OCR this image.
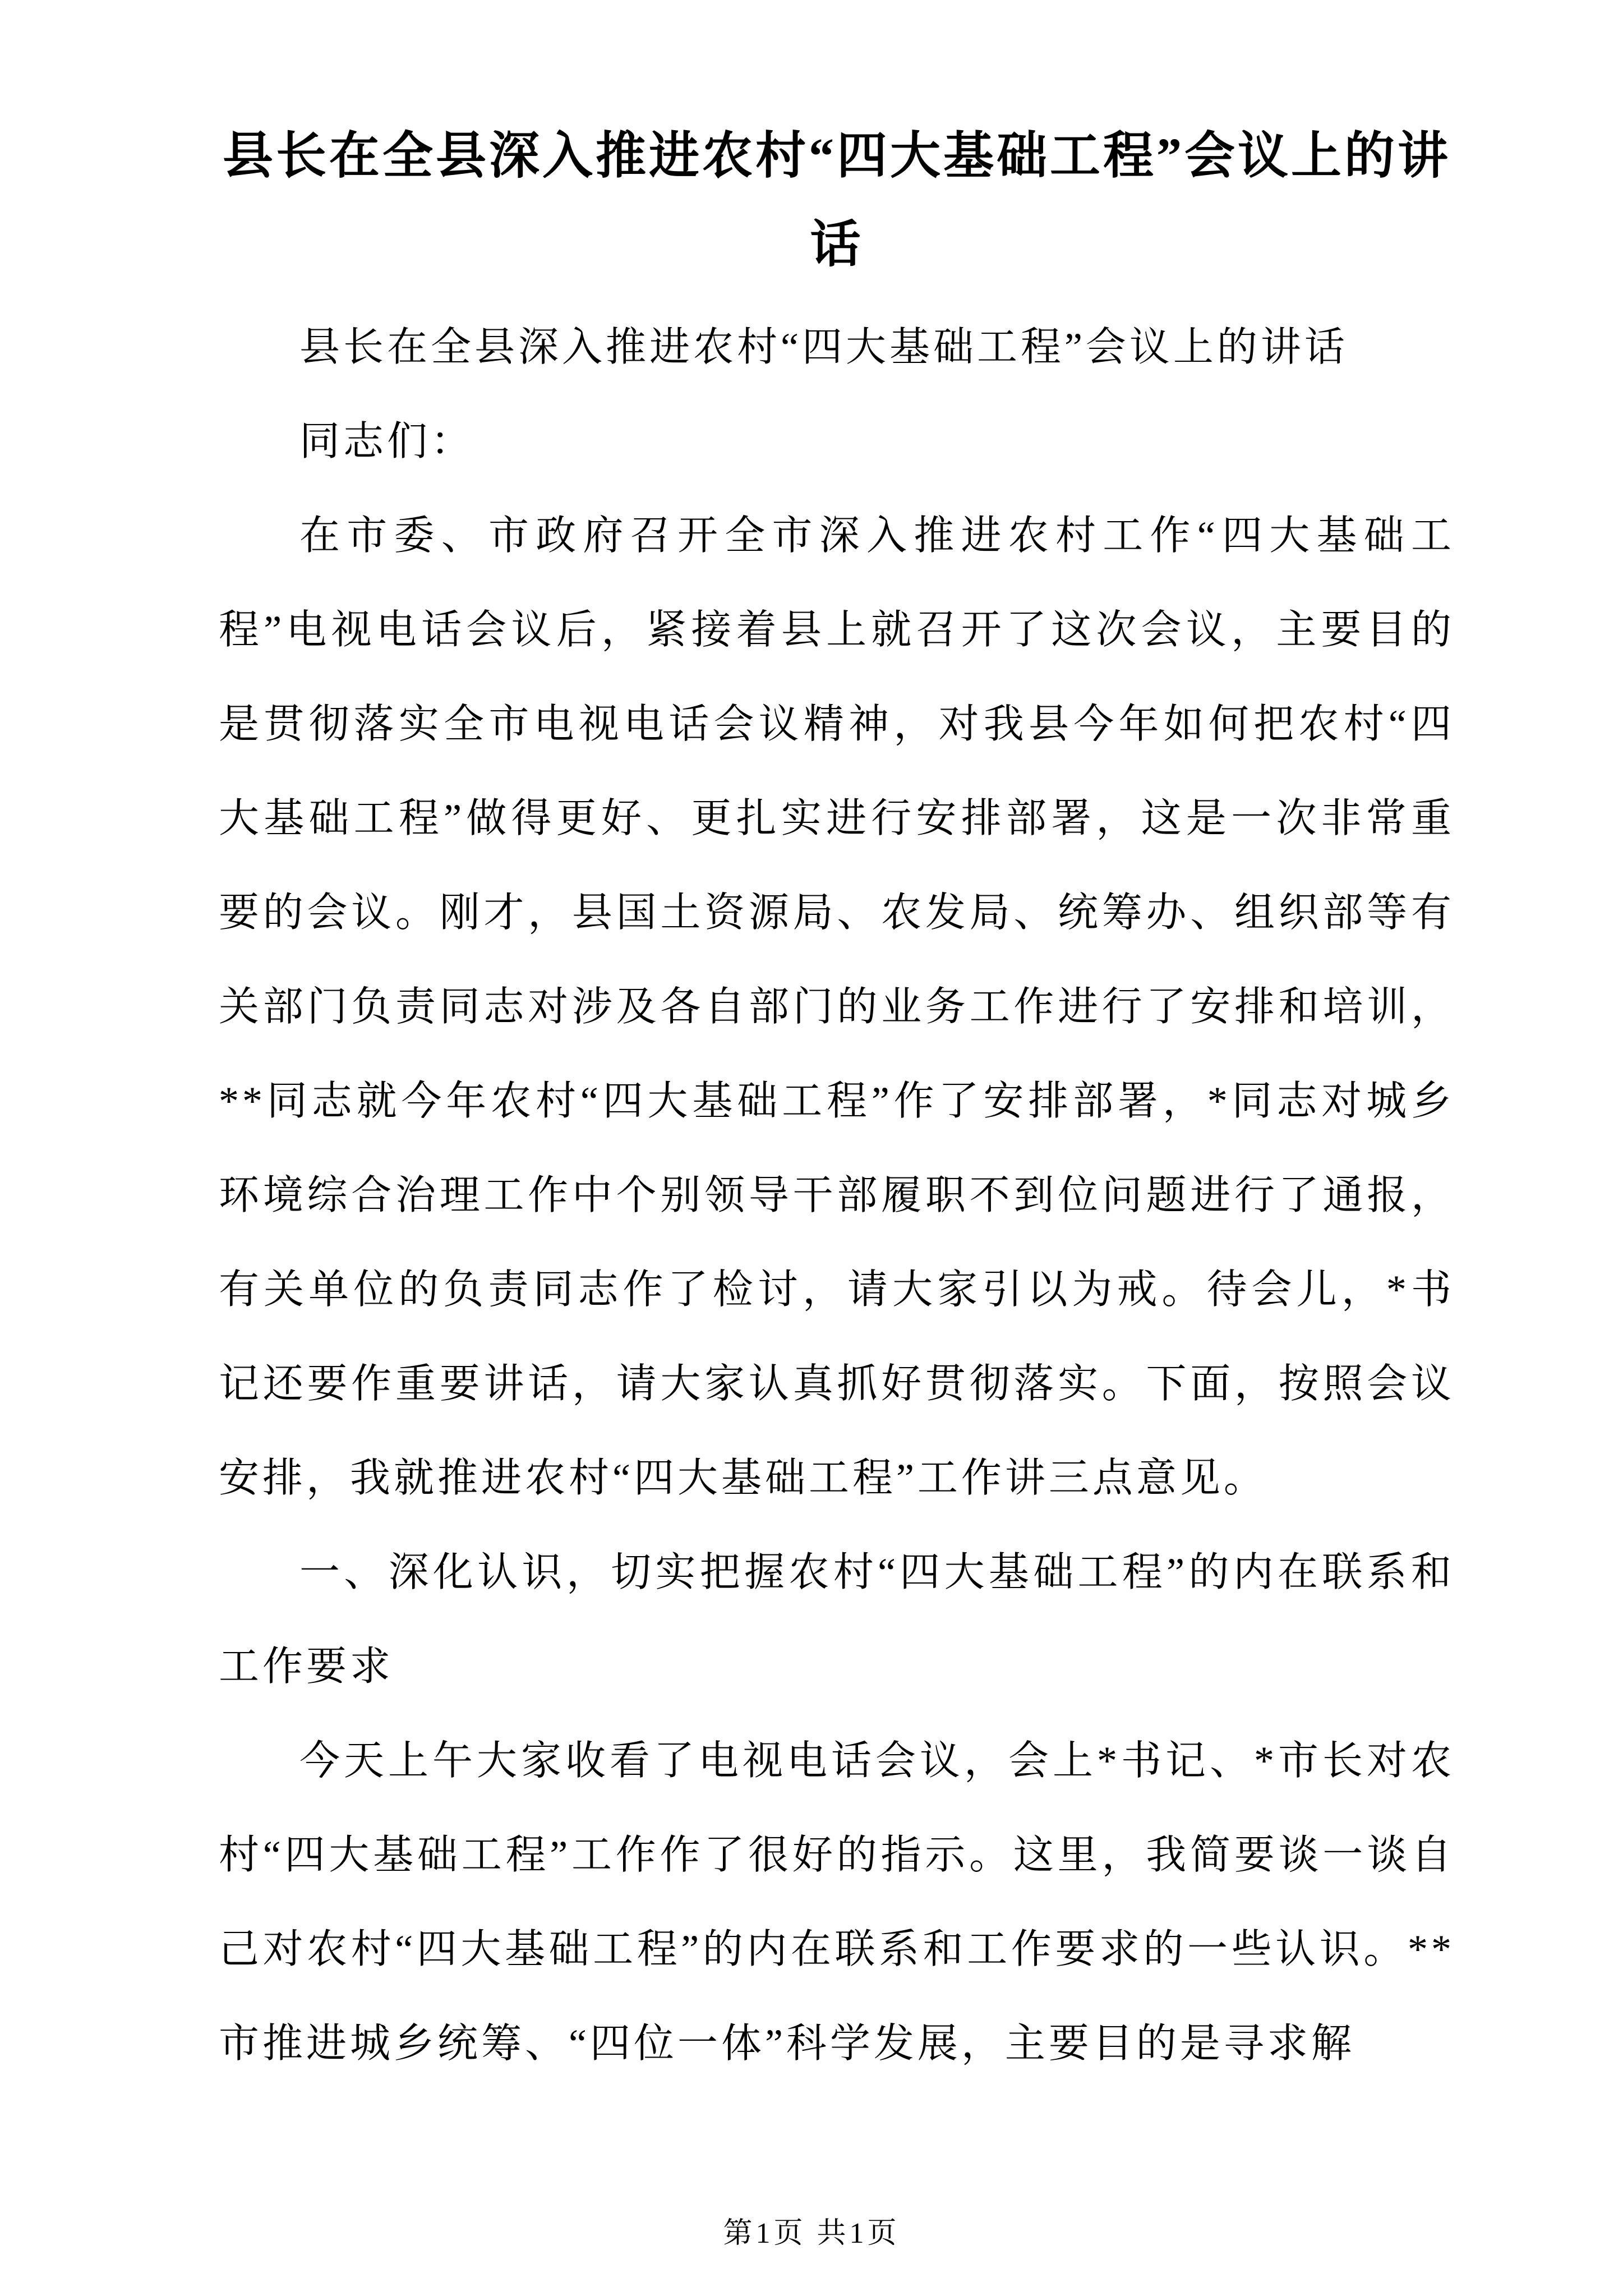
县长在全县深入推进农村“四大基础工程”会议上的讲话

县长在全县深入推进农村“四大基础工程”会议上的讲话

同志们：

在市委、市政府召开全市深入推进农村工作“四大基础工程”电视电话会议后，紧接着县上就召开了这次会议，主要目的是贯彻落实全市电视电话会议精神，对我县今年如何把农村“四大基础工程”做得更好、更扎实进行安排部署，这是一次非常重要的会议。刚才，县国土资源局、农发局、统筹办、组织部等有关部门负责同志对涉及各自部门的业务工作进行了安排和培训，**同志就今年农村“四大基础工程”作了安排部署，*同志对城乡环境综合治理工作中个别领导干部履职不到位问题进行了通报，有关单位的负责同志作了检讨，请大家引以为戒。待会儿，*书记还要作重要讲话，请大家认真抓好贯彻落实。下面，按照会议安排，我就推进农村“四大基础工程”工作讲三点意见。

一、深化认识，切实把握农村“四大基础工程”的内在联系和工作要求

今天上午大家收看了电视电话会议，会上*书记、*市长对农村“四大基础工程”工作作了很好的指示。这里，我简要谈一谈自己对农村“四大基础工程”的内在联系和工作要求的一些认识。**市推进城乡统筹、“四位一体”科学发展，主要目的是寻求解

第1页 共1页
